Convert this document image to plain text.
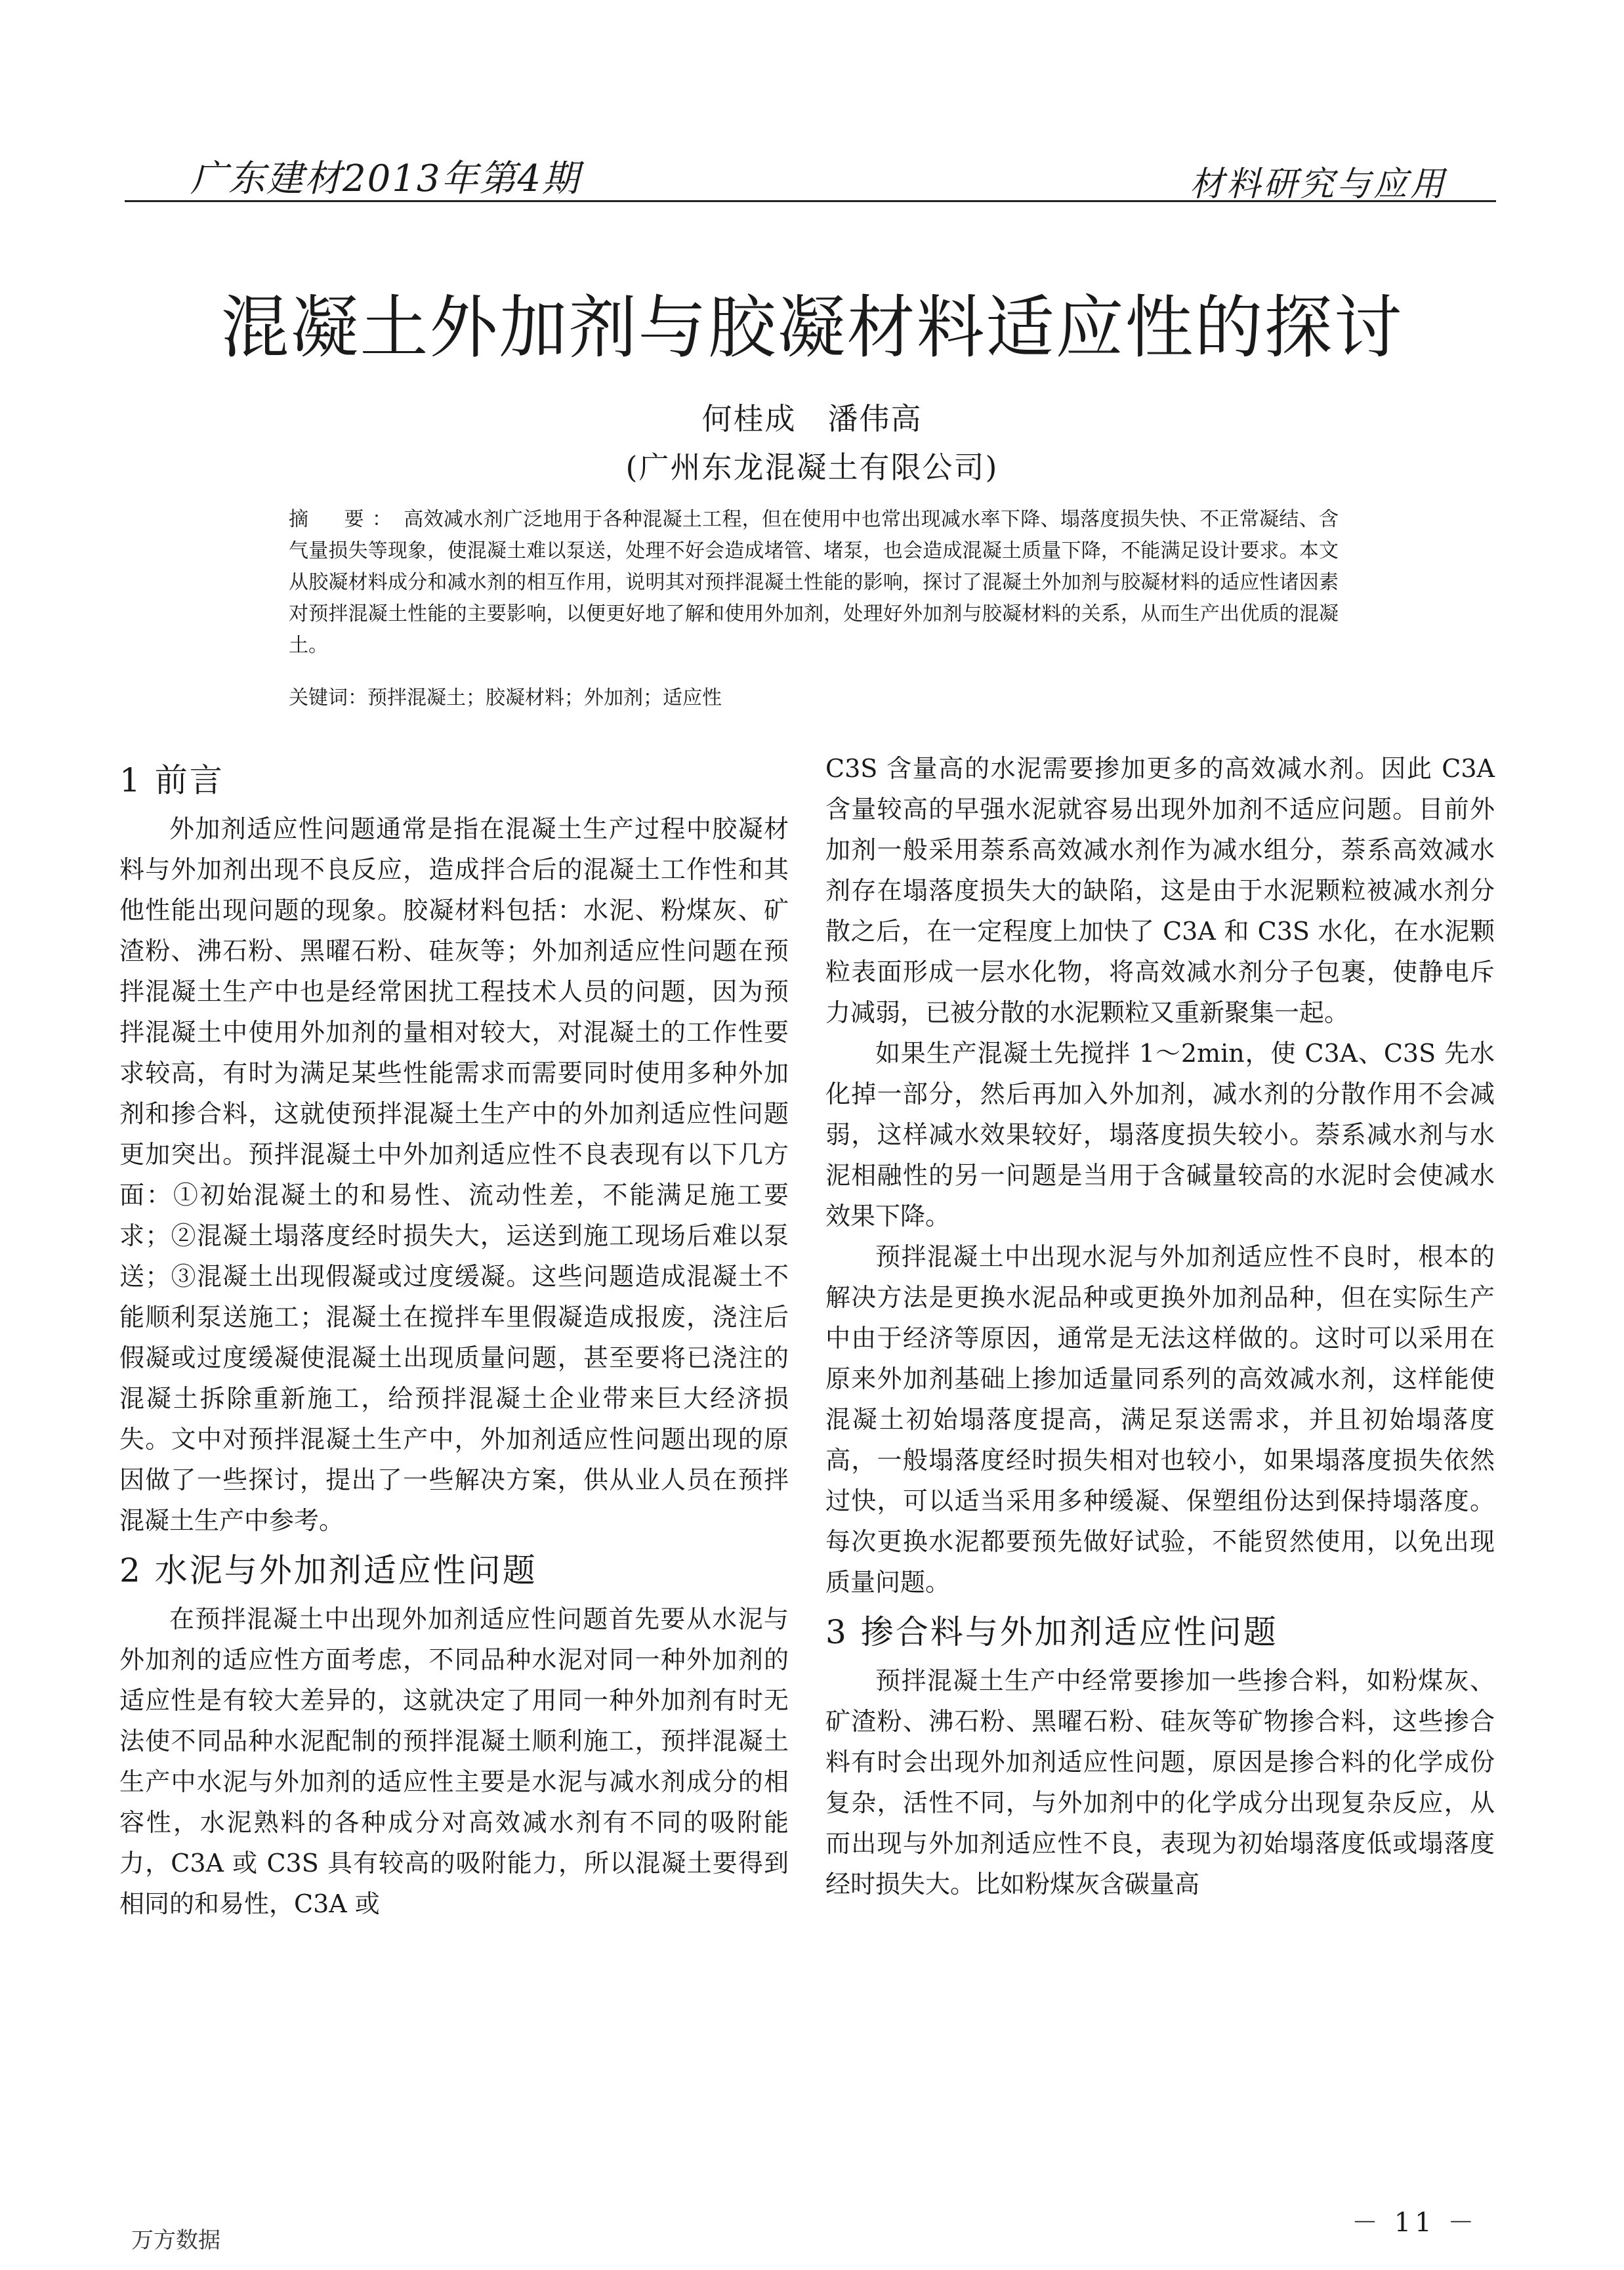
广东建材2013年第4期	材料研究与应用
混凝土外加剂与胶凝材料适应性的探讨
何桂成　潘伟高
(广州东龙混凝土有限公司)
摘　要： 高效减水剂广泛地用于各种混凝土工程，但在使用中也常出现减水率下降、塌落度损失快、不正常凝结、含气量损失等现象，使混凝土难以泵送，处理不好会造成堵管、堵泵，也会造成混凝土质量下降，不能满足设计要求。本文从胶凝材料成分和减水剂的相互作用，说明其对预拌混凝土性能的影响，探讨了混凝土外加剂与胶凝材料的适应性诸因素对预拌混凝土性能的主要影响，以便更好地了解和使用外加剂，处理好外加剂与胶凝材料的关系，从而生产出优质的混凝土。
关键词：预拌混凝土；胶凝材料；外加剂；适应性
1 前言

外加剂适应性问题通常是指在混凝土生产过程中胶凝材料与外加剂出现不良反应，造成拌合后的混凝土工作性和其他性能出现问题的现象。胶凝材料包括：水泥、粉煤灰、矿渣粉、沸石粉、黑曜石粉、硅灰等；外加剂适应性问题在预拌混凝土生产中也是经常困扰工程技术人员的问题，因为预拌混凝土中使用外加剂的量相对较大，对混凝土的工作性要求较高，有时为满足某些性能需求而需要同时使用多种外加剂和掺合料，这就使预拌混凝土生产中的外加剂适应性问题更加突出。预拌混凝土中外加剂适应性不良表现有以下几方面：①初始混凝土的和易性、流动性差，不能满足施工要求；②混凝土塌落度经时损失大，运送到施工现场后难以泵送；③混凝土出现假凝或过度缓凝。这些问题造成混凝土不能顺利泵送施工；混凝土在搅拌车里假凝造成报废，浇注后假凝或过度缓凝使混凝土出现质量问题，甚至要将已浇注的混凝土拆除重新施工，给预拌混凝土企业带来巨大经济损失。文中对预拌混凝土生产中，外加剂适应性问题出现的原因做了一些探讨，提出了一些解决方案，供从业人员在预拌混凝土生产中参考。

2 水泥与外加剂适应性问题

在预拌混凝土中出现外加剂适应性问题首先要从水泥与外加剂的适应性方面考虑，不同品种水泥对同一种外加剂的适应性是有较大差异的，这就决定了用同一种外加剂有时无法使不同品种水泥配制的预拌混凝土顺利施工，预拌混凝土生产中水泥与外加剂的适应性主要是水泥与减水剂成分的相容性，水泥熟料的各种成分对高效减水剂有不同的吸附能力，C3A 或 C3S 具有较高的吸附能力，所以混凝土要得到相同的和易性，C3A 或

C3S 含量高的水泥需要掺加更多的高效减水剂。因此 C3A 含量较高的早强水泥就容易出现外加剂不适应问题。目前外加剂一般采用萘系高效减水剂作为减水组分，萘系高效减水剂存在塌落度损失大的缺陷，这是由于水泥颗粒被减水剂分散之后，在一定程度上加快了 C3A 和 C3S 水化，在水泥颗粒表面形成一层水化物，将高效减水剂分子包裹，使静电斥力减弱，已被分散的水泥颗粒又重新聚集一起。

如果生产混凝土先搅拌 1～2min，使 C3A、C3S 先水化掉一部分，然后再加入外加剂，减水剂的分散作用不会减弱，这样减水效果较好，塌落度损失较小。萘系减水剂与水泥相融性的另一问题是当用于含碱量较高的水泥时会使减水效果下降。

预拌混凝土中出现水泥与外加剂适应性不良时，根本的解决方法是更换水泥品种或更换外加剂品种，但在实际生产中由于经济等原因，通常是无法这样做的。这时可以采用在原来外加剂基础上掺加适量同系列的高效减水剂，这样能使混凝土初始塌落度提高，满足泵送需求，并且初始塌落度高，一般塌落度经时损失相对也较小，如果塌落度损失依然过快，可以适当采用多种缓凝、保塑组份达到保持塌落度。每次更换水泥都要预先做好试验，不能贸然使用，以免出现质量问题。

3 掺合料与外加剂适应性问题

预拌混凝土生产中经常要掺加一些掺合料，如粉煤灰、矿渣粉、沸石粉、黑曜石粉、硅灰等矿物掺合料，这些掺合料有时会出现外加剂适应性问题，原因是掺合料的化学成份复杂，活性不同，与外加剂中的化学成分出现复杂反应，从而出现与外加剂适应性不良，表现为初始塌落度低或塌落度经时损失大。比如粉煤灰含碳量高

－ 11 －
万方数据
